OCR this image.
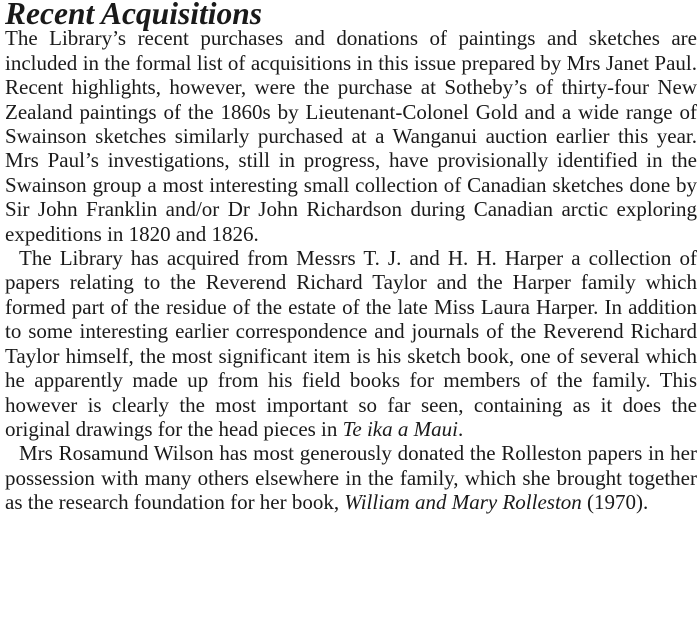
Recent Acquisitions

The Library’s recent purchases and donations of paintings and sketches are included in the formal list of acquisitions in this issue prepared by Mrs Janet Paul. Recent highlights, however, were the purchase at Sotheby’s of thirty-four New Zealand paintings of the 1860s by Lieutenant-Colonel Gold and a wide range of Swainson sketches similarly purchased at a Wanganui auction earlier this year. Mrs Paul’s investigations, still in progress, have provisionally identified in the Swainson group a most interesting small collection of Canadian sketches done by Sir John Franklin and/or Dr John Richardson during Canadian arctic exploring expeditions in 1820 and 1826.

The Library has acquired from Messrs T. J. and H. H. Harper a collection of papers relating to the Reverend Richard Taylor and the Harper family which formed part of the residue of the estate of the late Miss Laura Harper. In addition to some interesting earlier correspondence and journals of the Reverend Richard Taylor himself, the most significant item is his sketch book, one of several which he apparently made up from his field books for members of the family. This however is clearly the most important so far seen, containing as it does the original drawings for the head pieces in Te ika a Maui.

Mrs Rosamund Wilson has most generously donated the Rolleston papers in her possession with many others elsewhere in the family, which she brought together as the research foundation for her book, William and Mary Rolleston (1970).
